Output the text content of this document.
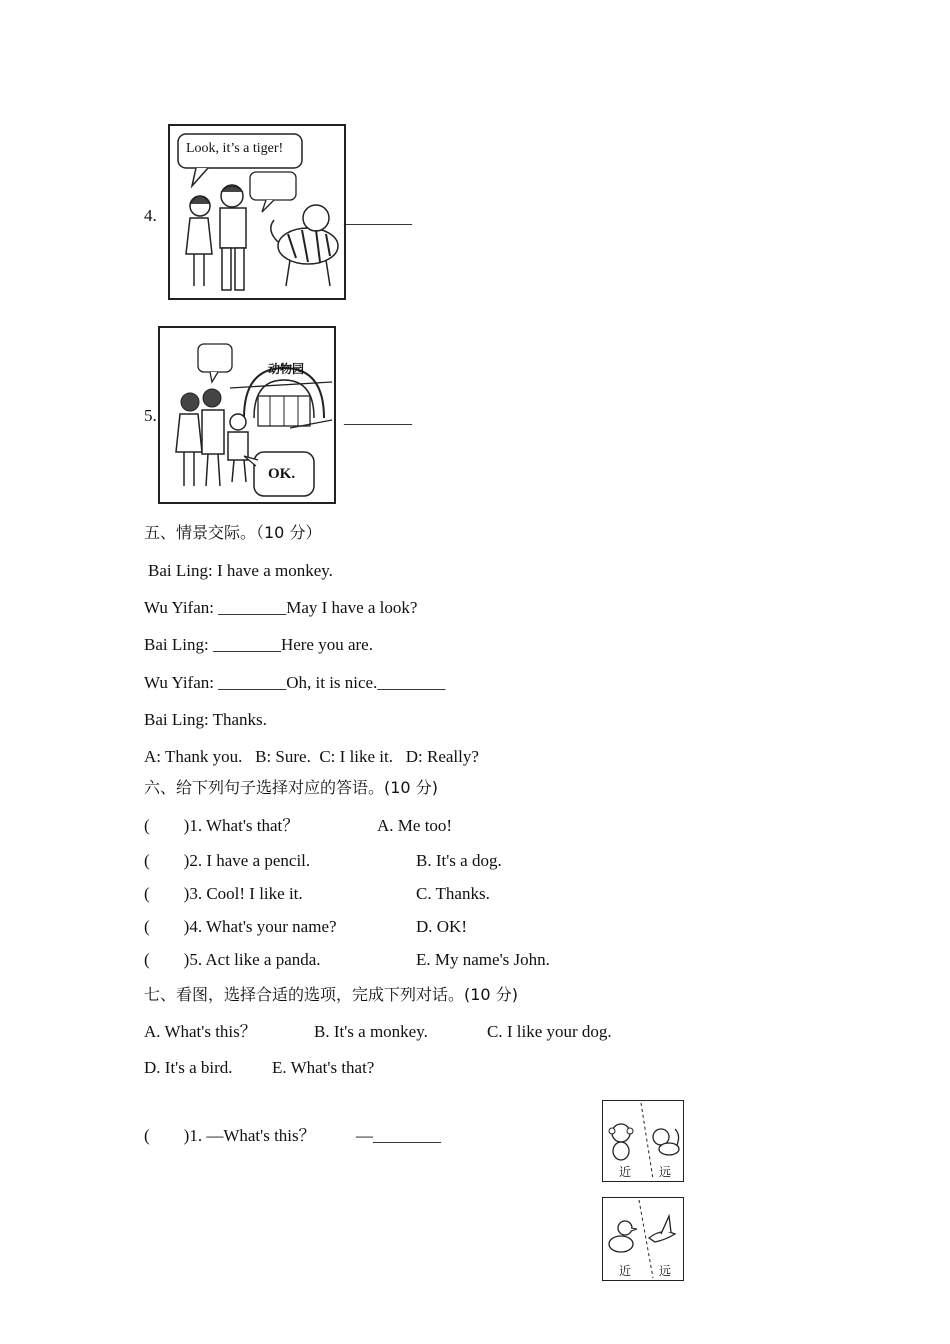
4.
Look, it’s a tiger!
________
5.
动物园
OK.
________
五、情景交际。（10 分）
Bai Ling: I have a monkey.
Wu Yifan: ________May I have a look?
Bai Ling: ________Here you are.
Wu Yifan: ________Oh, it is nice.________
Bai Ling: Thanks.
A: Thank you.   B: Sure.  C: I like it.   D: Really?
六、给下列句子选择对应的答语。(10 分)
(        )1. What's that？	A. Me too!
(        )2. I have a pencil.	B. It's a dog.
(        )3. Cool! I like it.	C. Thanks.
(        )4. What's your name?	D. OK!
(        )5. Act like a panda.	E. My name's John.
七、看图，选择合适的选项，完成下列对话。(10 分)
A. What's this？	B. It's a monkey.	C. I like your dog.
D. It's a bird. E. What's that?
(        )1. —What's this？ —________
近 远
近 远
